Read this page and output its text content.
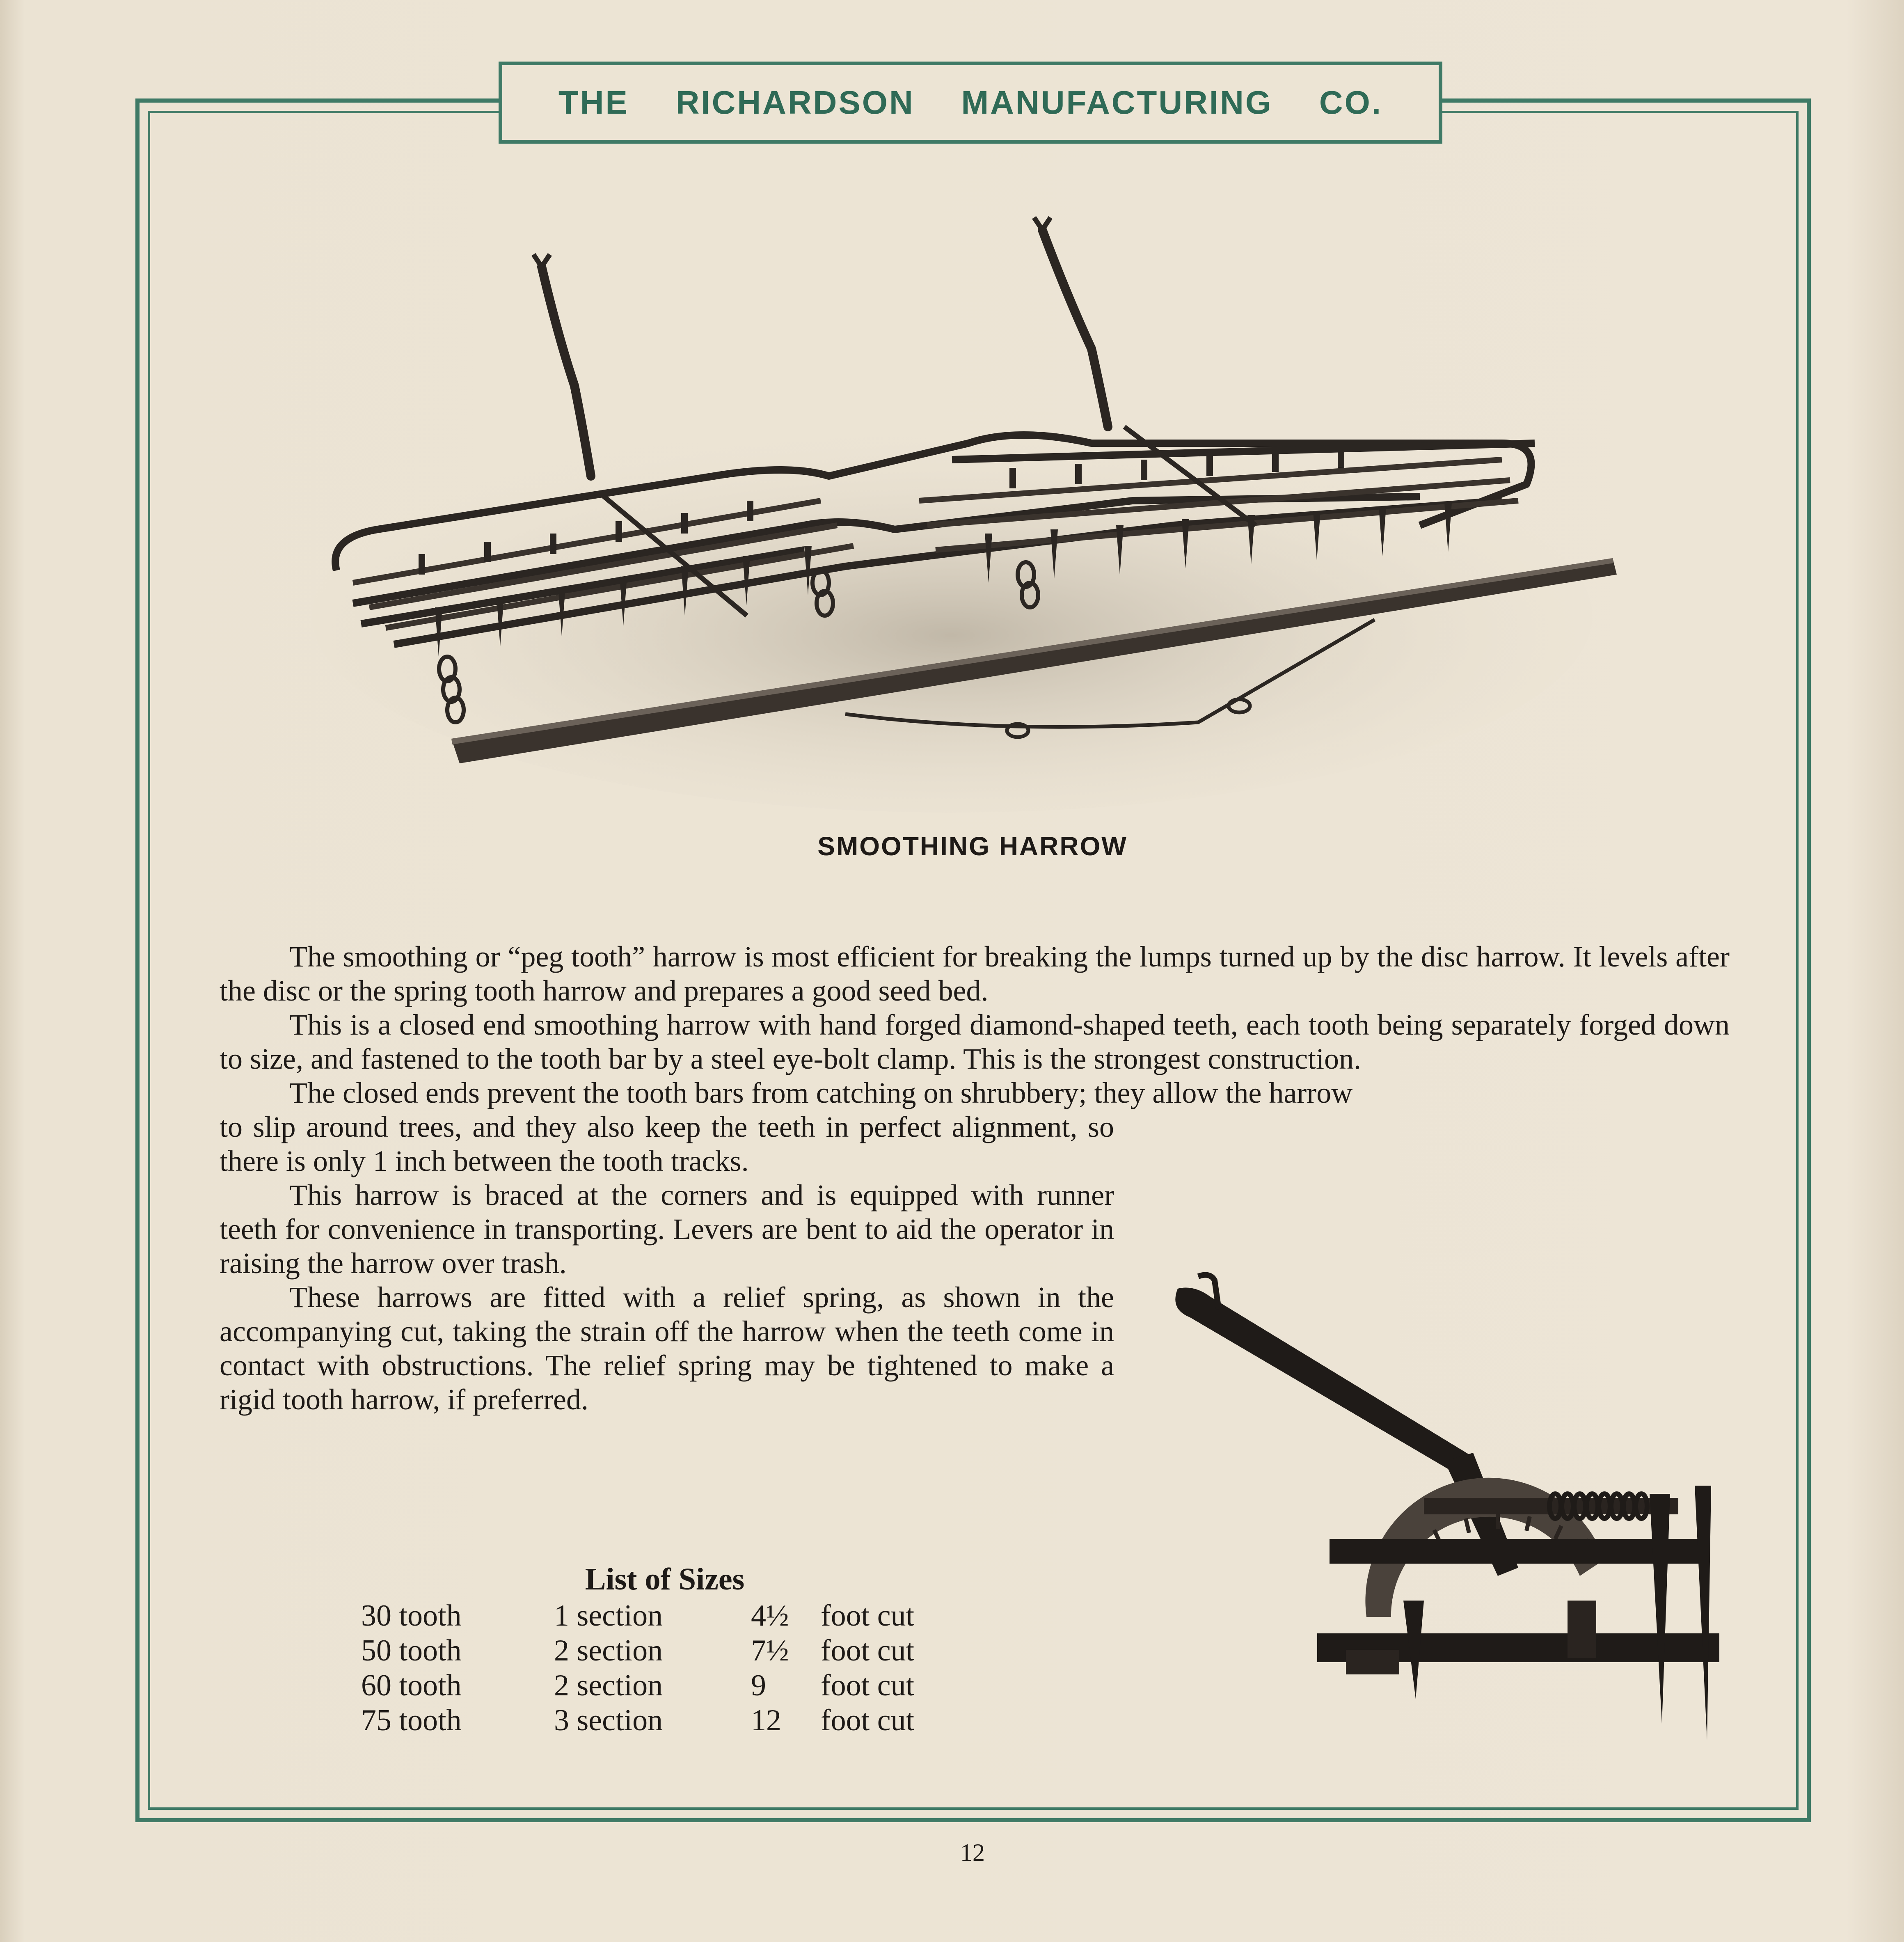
THE RICHARDSON MANUFACTURING CO.
SMOOTHING HARROW

The smoothing or “peg tooth” harrow is most efficient for breaking the lumps turned up by the disc harrow. It levels after the disc or the spring tooth harrow and prepares a good seed bed.

This is a closed end smoothing harrow with hand forged diamond-shaped teeth, each tooth being separately forged down to size, and fastened to the tooth bar by a steel eye-bolt clamp. This is the strongest construction.

The closed ends prevent the tooth bars from catching on shrubbery; they allow the harrow

to slip around trees, and they also keep the teeth in perfect alignment, so there is only 1 inch between the tooth tracks.

This harrow is braced at the corners and is equipped with runner teeth for convenience in transporting. Levers are bent to aid the operator in raising the harrow over trash.

These harrows are fitted with a relief spring, as shown in the accompanying cut, taking the strain off the harrow when the teeth come in contact with obstructions. The relief spring may be tightened to make a rigid tooth harrow, if preferred.

List of Sizes
30 tooth	1 section	4½	foot cut
50 tooth	2 section	7½	foot cut
60 tooth	2 section	9	foot cut
75 tooth	3 section	12	foot cut
12
